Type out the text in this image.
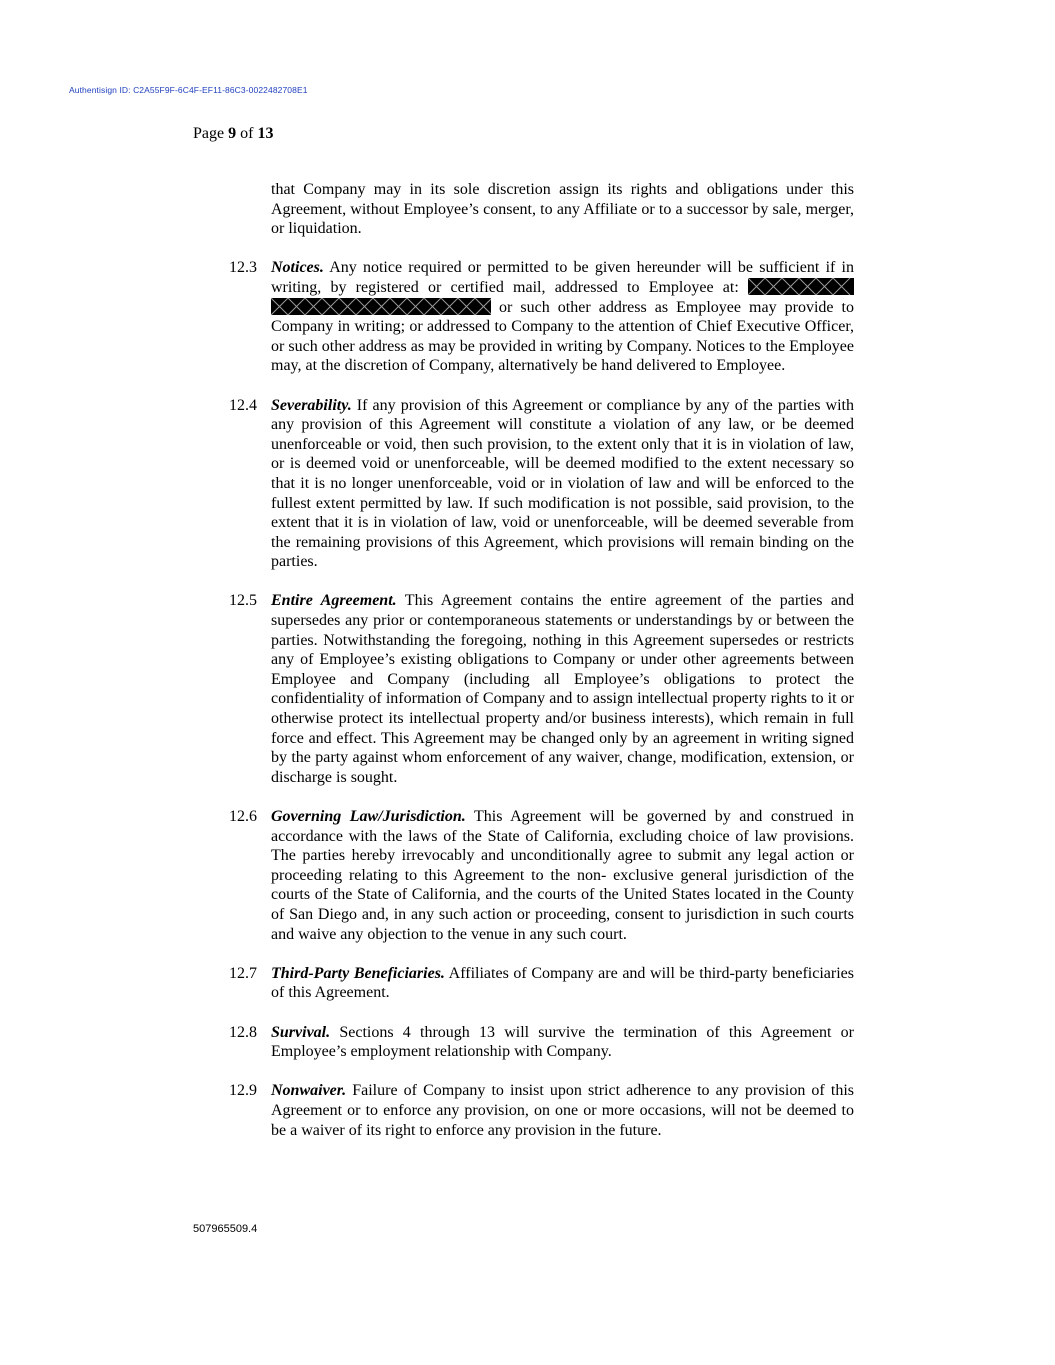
Authentisign ID: C2A55F9F-6C4F-EF11-86C3-0022482708E1
Page 9 of 13
that Company may in its sole discretion assign its rights and obligations under this Agreement, without Employee’s consent, to any Affiliate or to a successor by sale, merger, or liquidation.
12.3 Notices. Any notice required or permitted to be given hereunder will be sufficient if in writing, by registered or certified mail, addressed to Employee at:

or such other address as Employee may provide to Company in writing; or addressed to Company to the attention of Chief Executive Officer, or such other address as may be provided in writing by Company. Notices to the Employee may, at the discretion of Company, alternatively be hand delivered to Employee.
12.4 Severability. If any provision of this Agreement or compliance by any of the parties with any provision of this Agreement will constitute a violation of any law, or be deemed unenforceable or void, then such provision, to the extent only that it is in violation of law, or is deemed void or unenforceable, will be deemed modified to the extent necessary so that it is no longer unenforceable, void or in violation of law and will be enforced to the fullest extent permitted by law. If such modification is not possible, said provision, to the extent that it is in violation of law, void or unenforceable, will be deemed severable from the remaining provisions of this Agreement, which provisions will remain binding on the parties.
12.5 Entire Agreement. This Agreement contains the entire agreement of the parties and supersedes any prior or contemporaneous statements or understandings by or between the parties. Notwithstanding the foregoing, nothing in this Agreement supersedes or restricts any of Employee’s existing obligations to Company or under other agreements between Employee and Company (including all Employee’s obligations to protect the confidentiality of information of Company and to assign intellectual property rights to it or otherwise protect its intellectual property and/or business interests), which remain in full force and effect. This Agreement may be changed only by an agreement in writing signed by the party against whom enforcement of any waiver, change, modification, extension, or discharge is sought.
12.6 Governing Law/Jurisdiction. This Agreement will be governed by and construed in accordance with the laws of the State of California, excluding choice of law provisions. The parties hereby irrevocably and unconditionally agree to submit any legal action or proceeding relating to this Agreement to the non- exclusive general jurisdiction of the courts of the State of California, and the courts of the United States located in the County of San Diego and, in any such action or proceeding, consent to jurisdiction in such courts and waive any objection to the venue in any such court.
12.7 Third-Party Beneficiaries. Affiliates of Company are and will be third-party beneficiaries of this Agreement.
12.8 Survival. Sections 4 through 13 will survive the termination of this Agreement or Employee’s employment relationship with Company.
12.9 Nonwaiver. Failure of Company to insist upon strict adherence to any provision of this Agreement or to enforce any provision, on one or more occasions, will not be deemed to be a waiver of its right to enforce any provision in the future.
507965509.4
